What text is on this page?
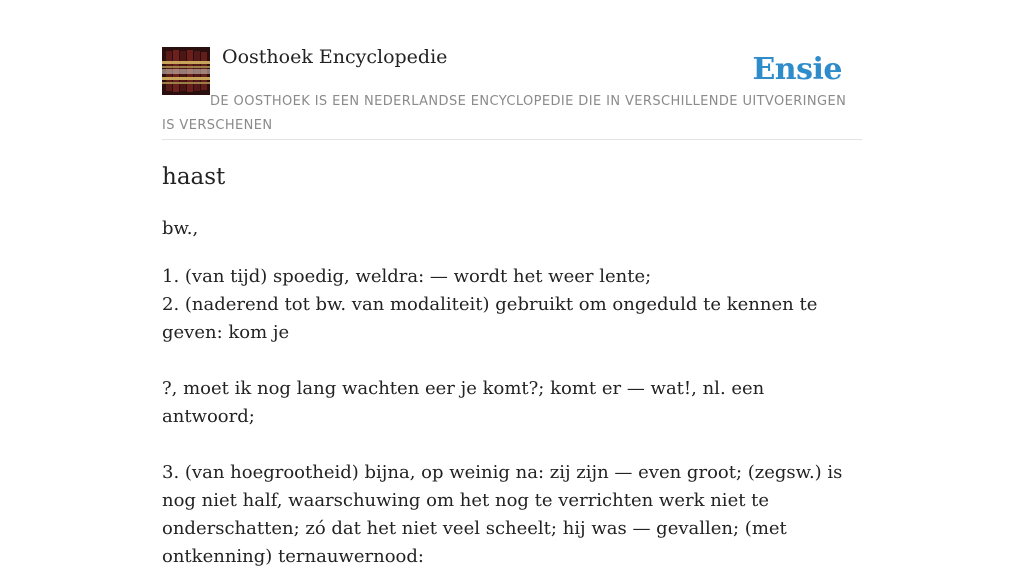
Oosthoek Encyclopedie	Ensie
DE OOSTHOEK IS EEN NEDERLANDSE ENCYCLOPEDIE DIE IN VERSCHILLENDE UITVOERINGEN IS VERSCHENEN
haast
bw.,

1. (van tijd) spoedig, weldra: — wordt het weer lente;

2. (naderend tot bw. van modaliteit) gebruikt om ongeduld te kennen te geven: kom je

?, moet ik nog lang wachten eer je komt?; komt er — wat!, nl. een antwoord;

3. (van hoegrootheid) bijna, op weinig na: zij zijn — even groot; (zegsw.) is nog niet half, waarschuwing om het nog te verrichten werk niet te onderschatten; zó dat het niet veel scheelt; hij was — gevallen; (met ontkenning) ternauwernood:
